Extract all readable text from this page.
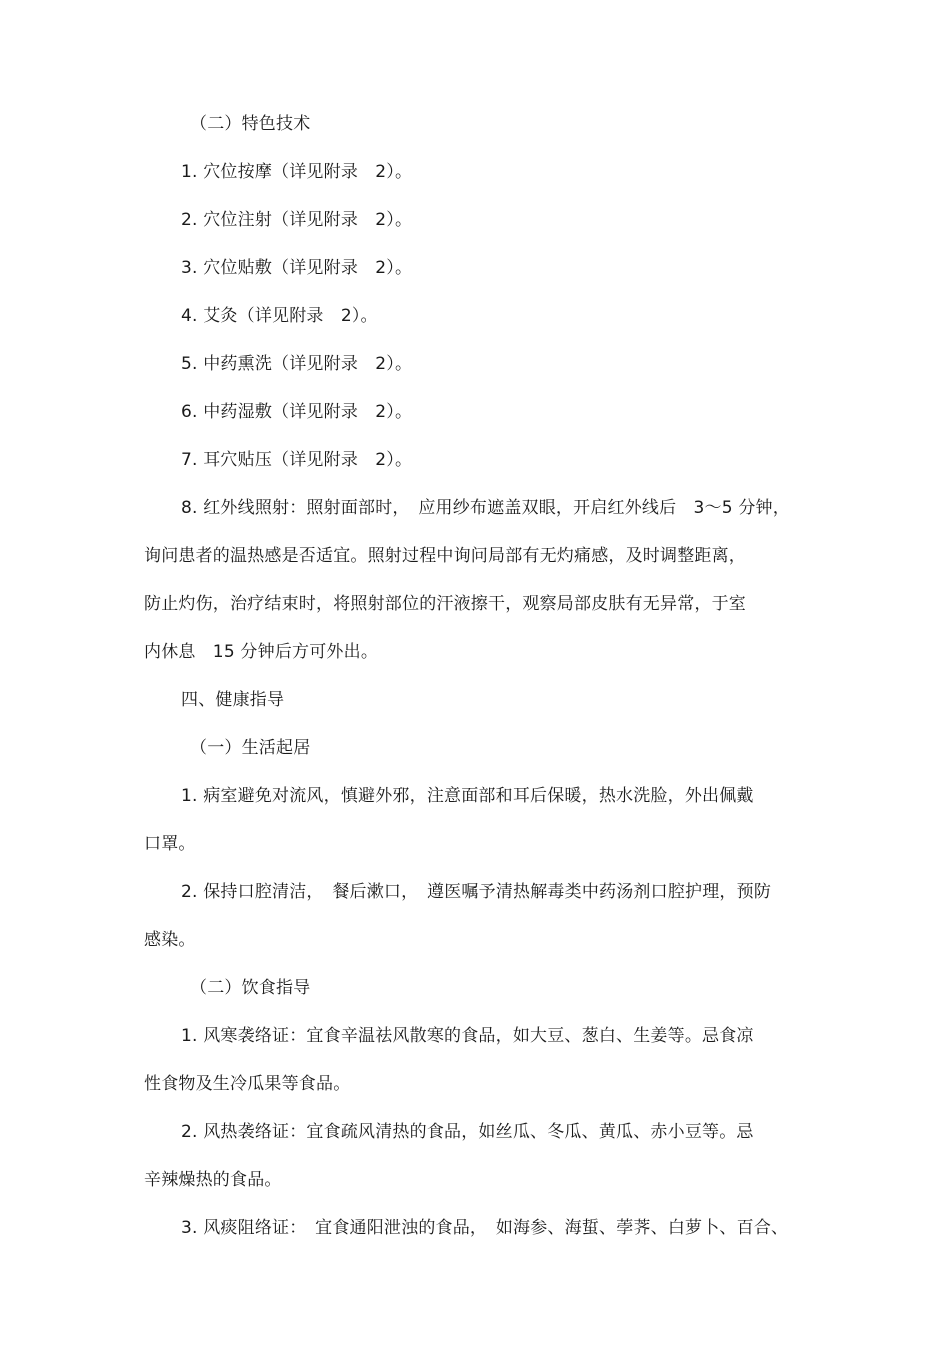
（二）特色技术
1. 穴位按摩（详见附录　2）。
2. 穴位注射（详见附录　2）。
3. 穴位贴敷（详见附录　2）。
4. 艾灸（详见附录　2）。
5. 中药熏洗（详见附录　2）。
6. 中药湿敷（详见附录　2）。
7. 耳穴贴压（详见附录　2）。
8. 红外线照射：照射面部时，　应用纱布遮盖双眼，开启红外线后　3～5 分钟，
询问患者的温热感是否适宜。照射过程中询问局部有无灼痛感，及时调整距离，
防止灼伤，治疗结束时，将照射部位的汗液擦干，观察局部皮肤有无异常，于室
内休息　15 分钟后方可外出。
四、健康指导
（一）生活起居
1. 病室避免对流风，慎避外邪，注意面部和耳后保暖，热水洗脸，外出佩戴
口罩。
2. 保持口腔清洁，　餐后漱口，　遵医嘱予清热解毒类中药汤剂口腔护理，预防
感染。
（二）饮食指导
1. 风寒袭络证：宜食辛温祛风散寒的食品，如大豆、葱白、生姜等。忌食凉
性食物及生冷瓜果等食品。
2. 风热袭络证：宜食疏风清热的食品，如丝瓜、冬瓜、黄瓜、赤小豆等。忌
辛辣燥热的食品。
3. 风痰阻络证：　宜食通阳泄浊的食品，　如海参、海蜇、荸荠、白萝卜、百合、
